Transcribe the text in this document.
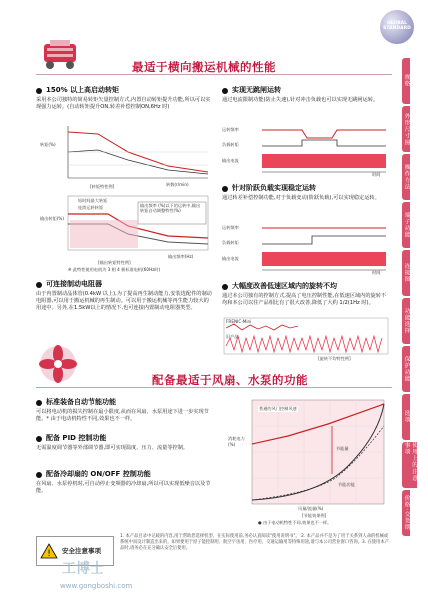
GLOBAL STANDARD
规格
外形尺寸图
操作方法
端子功能
连接图
功能选择
保护功能
选项
使用上的注意事项
价格·交货期
最适于横向搬运机械的性能
150% 以上高启动转矩
采用本公司独特的简易转矩矢量控制方式,内置自动转矩提升功能,所以可以实现强力运转。(自动转矩提升ON,转差补偿控制ON,6Hz 时)
转矩(%)
转数(r/min)
[转矩特性例]
短时间最大转矩
连续运转转矩	输出频率 (%)以下的运转中,输出转矩自动调整特性(%)
输出转矩(%)
输出频率(Hz)
[输出转矩特性例]
※ 此特性使用电机为 3 相 4 极标准电机(60Hz时)
可连接制动电阻器
由于内置制动晶体管(0.4kW 以上),为了提高再生制动能力,安装选配件的制动电阻器,可以用于搬运机械的再生制动。可以用于搬运机械等再生能力较大的用途中。另外,在1.5kW以上的情况下,也可连接内置制动电阻器类型。
实现无跳闸运转
通过电流限制功能(防止失速),针对冲击负载也可以实现无跳闸运转。
运转频率
负载转矩
输出电流
时间
针对阶跃负载实现稳定运转
通过转差补偿控制功能,对于负载变动(阶跃负载),可以实现稳定运转。
运转频率
负载转矩
输出电流
时间
大幅度改善低速区域内的旋转不均
通过本公司独有的控制方式,提高了电压控制性能,在低速区域内的旋转不均和本公司以往产品相比有了很大改善,降低了大约 1/2(1Hz 时)。
FRENIC-Mini
旧产品
[旋转不均特性例]
配备最适于风扇、水泵的功能
标准装备自动节能功能
可以将电动机的损失控制在最小限度,从而在风扇、水泵用途下进一步实现节能。* 由于电动机特性不同,效果也不一样。
配备 PID 控制功能
无需温度调节器等外部调节器,即可实现温度、压力、流量等控制。
配备冷却扇的 ON/OFF 控制功能
在风扇、水泵停机时,可自动停止变频器的冷却扇,所以可以实现低噪音以及节能。
消耗电力(%)
普通的风门控制风速
节能功能
节能量
风量/流量(%)
[节能效果例]
● 由于电动机特性不同,效果也不一样。
! 安全注意事项
1. 本产品目录中记载的内容,用于帮助您选择机型。在实际使用前,务必认真阅读"使用说明书"。 2. 本产品并不是为了用于关系到人命的机械或系统中而设计制造出来的。如果要用于原子能控制用、航空宇宙用、医疗用、交通运输用等特殊用途,请与本公司营业窗口咨询。3. 在使用本产品时,请务必在充分确认安全后使用。
工博士
www.gongboshi.com
